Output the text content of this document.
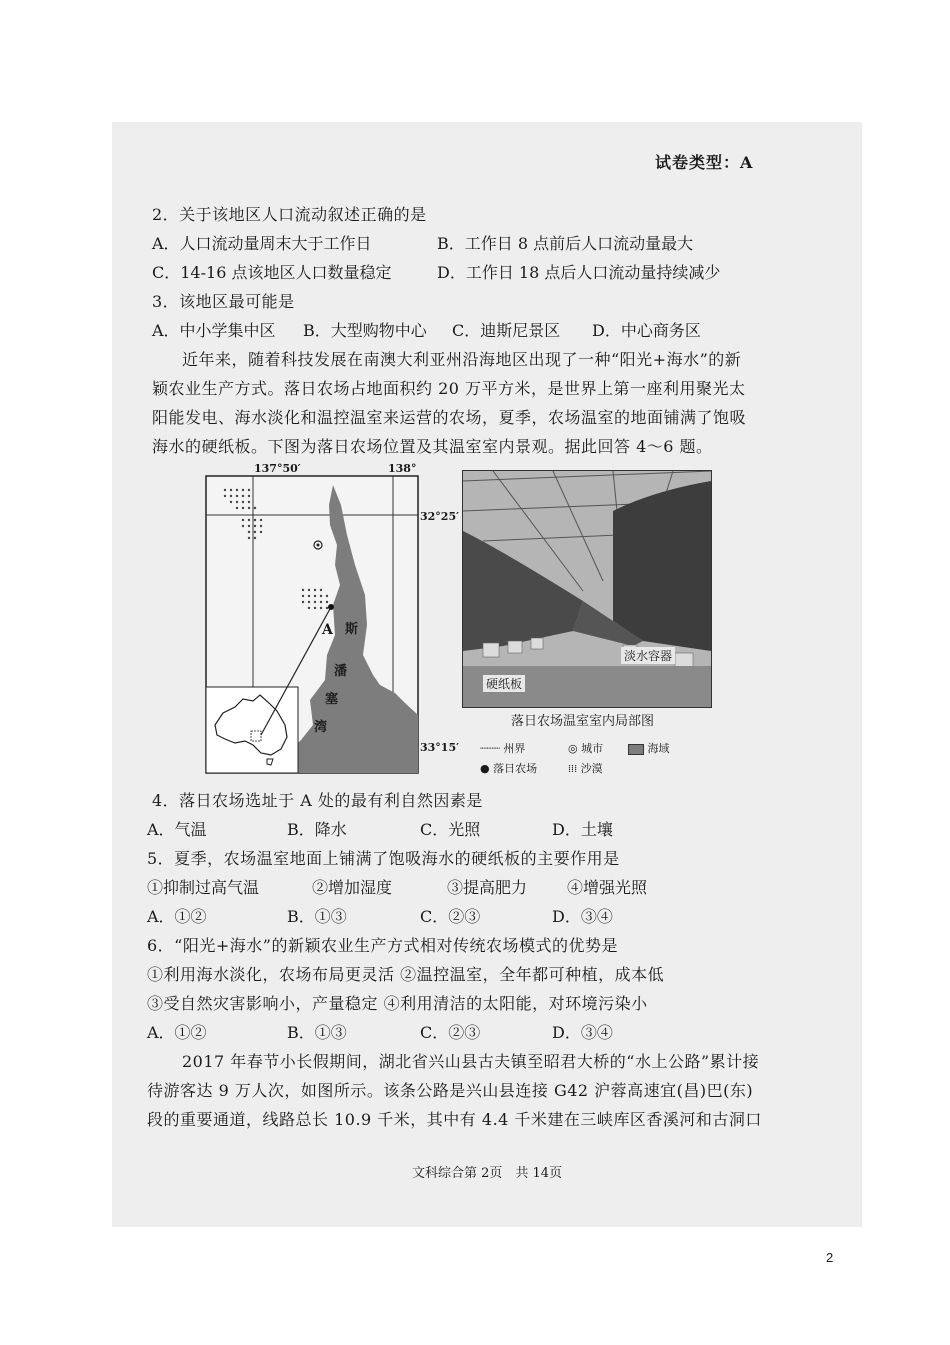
试卷类型：A
2．关于该地区人口流动叙述正确的是
A．人口流动量周末大于工作日	B．工作日 8 点前后人口流动量最大
C．14-16 点该地区人口数量稳定	D．工作日 18 点后人口流动量持续减少
3．该地区最可能是
A．中小学集中区 B．大型购物中心 C．迪斯尼景区 D．中心商务区
近年来，随着科技发展在南澳大利亚州沿海地区出现了一种“阳光+海水”的新
颖农业生产方式。落日农场占地面积约 20 万平方米，是世界上第一座利用聚光太
阳能发电、海水淡化和温控温室来运营的农场，夏季，农场温室的地面铺满了饱吸
海水的硬纸板。下图为落日农场位置及其温室室内景观。据此回答 4～6 题。
137°50′	138°
32°25′
33°15′
A 斯
潘
塞
湾
淡水容器
硬纸板
落日农场温室室内局部图
┈┈┈ 州界	◎ 城市	海域
● 落日农场	⁞⁞⁞ 沙漠
4．落日农场选址于 A 处的最有利自然因素是
A．气温	B．降水	C．光照	D．土壤
5．夏季，农场温室地面上铺满了饱吸海水的硬纸板的主要作用是
①抑制过高气温	②增加湿度	③提高肥力 ④增强光照
A．①②	B．①③	C．②③	D．③④
6．“阳光+海水”的新颖农业生产方式相对传统农场模式的优势是
①利用海水淡化，农场布局更灵活 ②温控温室，全年都可种植，成本低
③受自然灾害影响小，产量稳定 ④利用清洁的太阳能，对环境污染小
A．①②	B．①③	C．②③	D．③④
2017 年春节小长假期间，湖北省兴山县古夫镇至昭君大桥的“水上公路”累计接
待游客达 9 万人次，如图所示。该条公路是兴山县连接 G42 沪蓉高速宜(昌)巴(东)
段的重要通道，线路总长 10.9 千米，其中有 4.4 千米建在三峡库区香溪河和古洞口
文科综合第 2页　共 14页
2
